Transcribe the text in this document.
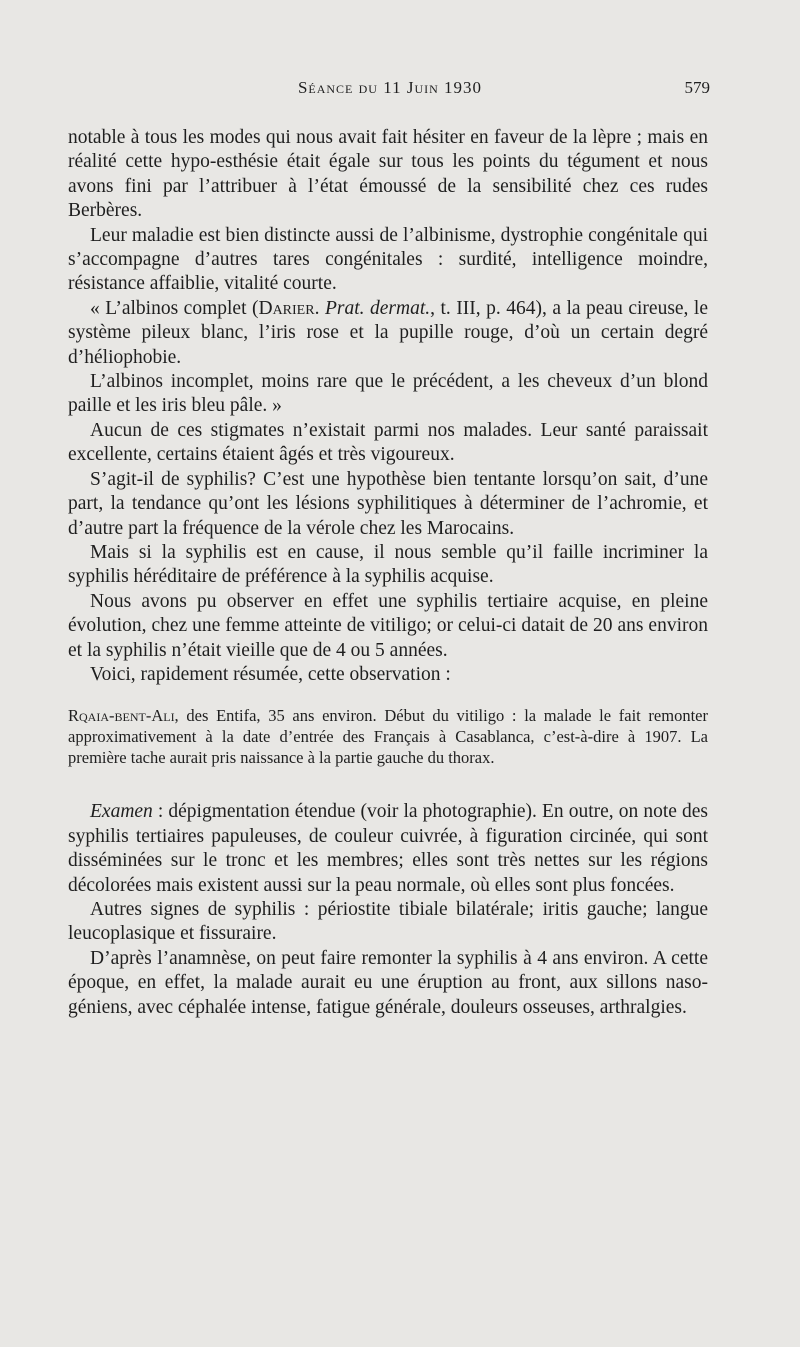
Séance du 11 Juin 1930	579

notable à tous les modes qui nous avait fait hésiter en faveur de la lèpre ; mais en réalité cette hypo-esthésie était égale sur tous les points du tégument et nous avons fini par l’attribuer à l’état émoussé de la sensibilité chez ces rudes Berbères.

Leur maladie est bien distincte aussi de l’albinisme, dystrophie congénitale qui s’accompagne d’autres tares congénitales : surdité, intelligence moindre, résistance affaiblie, vitalité courte.

« L’albinos complet (Darier. Prat. dermat., t. III, p. 464), a la peau cireuse, le système pileux blanc, l’iris rose et la pupille rouge, d’où un certain degré d’héliophobie.

L’albinos incomplet, moins rare que le précédent, a les cheveux d’un blond paille et les iris bleu pâle. »

Aucun de ces stigmates n’existait parmi nos malades. Leur santé paraissait excellente, certains étaient âgés et très vigoureux.

S’agit-il de syphilis? C’est une hypothèse bien tentante lorsqu’on sait, d’une part, la tendance qu’ont les lésions syphilitiques à déterminer de l’achromie, et d’autre part la fréquence de la vérole chez les Marocains.

Mais si la syphilis est en cause, il nous semble qu’il faille incriminer la syphilis héréditaire de préférence à la syphilis acquise.

Nous avons pu observer en effet une syphilis tertiaire acquise, en pleine évolution, chez une femme atteinte de vitiligo; or celui-ci datait de 20 ans environ et la syphilis n’était vieille que de 4 ou 5 années.

Voici, rapidement résumée, cette observation :

Rqaia-bent-Ali, des Entifa, 35 ans environ. Début du vitiligo : la malade le fait remonter approximativement à la date d’entrée des Français à Casablanca, c’est-à-dire à 1907. La première tache aurait pris naissance à la partie gauche du thorax.

Examen : dépigmentation étendue (voir la photographie). En outre, on note des syphilis tertiaires papuleuses, de couleur cuivrée, à figuration circinée, qui sont disséminées sur le tronc et les membres; elles sont très nettes sur les régions décolorées mais existent aussi sur la peau normale, où elles sont plus foncées.

Autres signes de syphilis : périostite tibiale bilatérale; iritis gauche; langue leucoplasique et fissuraire.

D’après l’anamnèse, on peut faire remonter la syphilis à 4 ans environ. A cette époque, en effet, la malade aurait eu une éruption au front, aux sillons naso-géniens, avec céphalée intense, fatigue générale, douleurs osseuses, arthralgies.
